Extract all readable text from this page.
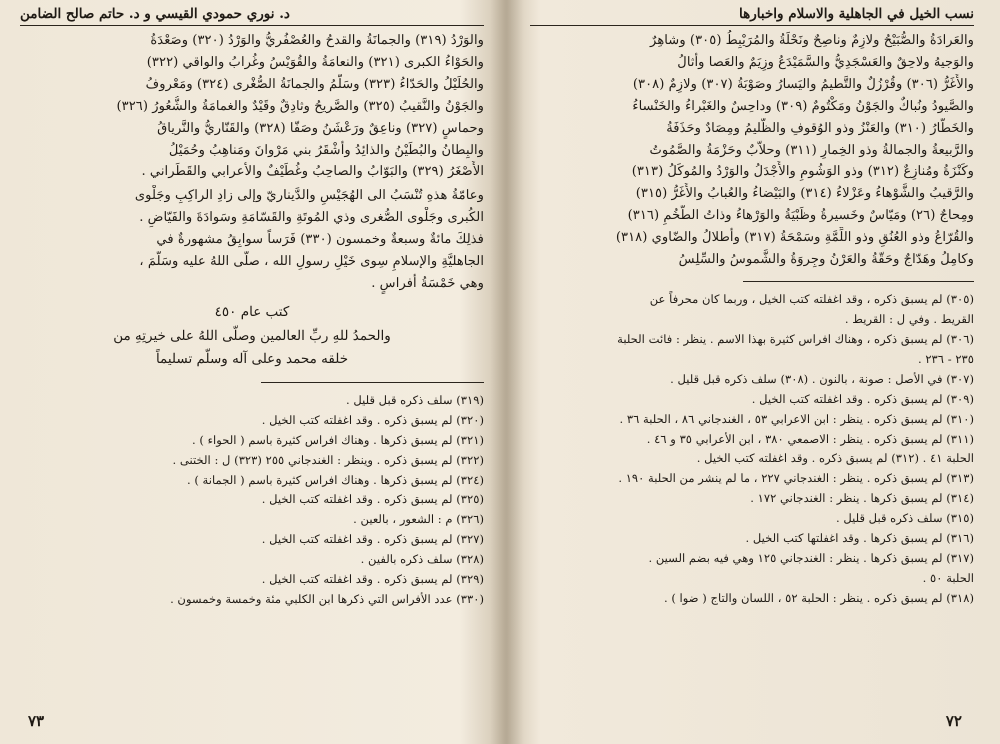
د. نوري حمودي القيسي و د. حاتم صالح الضامن
والوَرْدُ (٣١٩) والجمانَةُ والقدحُ والعُصْفُريُّ والوَرْدُ (٣٢٠) وصَعْدَةُ
والحَوْاءُ الكبرى (٣٢١) والنعامَةُ والقُوَيْسُ وغُرابُ والواقي (٣٢٢)
والحُلَيْلُ والحَدّاءُ (٣٢٣) وسَلّمُ والجمانَةُ الصُّغْرى (٣٢٤) ومَعْروفُ
والجَوْنُ والنَّقيبُ (٣٢٥) والصَّريحُ وثادِقٌ وقَيْدٌ والغمامَةُ والشُّعُورُ (٣٢٦)
وحماسٍ (٣٢٧) وناعِقٌ ورَعْشَنُ وصَفّا (٣٢٨) والقَنّاريُّ والنَّرياقُ
والبِطانُ والبُطَيْنُ والذائِدُ وأشْقَرُ بني مَرْوانَ ومَناهِبُ وحُمَيْلُ
الأَصْغَرُ (٣٢٩) والبَوّابُ والصاحِبُ وغُطَيْفٌ والأعرابي والقَطَراني .
وعامّةُ هذهِ تُنْسَبُ الى الهُجَيْسِ والدَّيناريّ وإلى زادِ الراكِبِ وجَلْوى
الكُبرى وجَلْوى الصُّغرى وذي المُوتَةِ والقَسّامَةِ وسَوادَةَ والفَيّاضِ .
فذلِكَ مائةٌ وسبعةٌ وخمسون (٣٣٠) فَرَساً سوابِقُ مشهورةٌ في
الجاهليَّةِ والإسلامِ سِوى خَيْلِ رسولِ الله ، صلّى اللهُ عليه وسَلَّمَ ،
وهي خَمْسَةُ أفراسٍ .
كتب عام ٤٥٠
والحمدُ للهِ ربِّ العالمين وصلّى اللهُ على خيرتِهِ من
خلقه محمد وعلى آله وسلّم تسليماً
(٣١٩) سلف ذكره قبل قليل .
(٣٢٠) لم يسبق ذكره . وقد اغفلته كتب الخيل .
(٣٢١) لم يسبق ذكرها . وهناك افراس كثيرة باسم ( الحواء ) .
(٣٢٢) لم يسبق ذكره . وينظر : الغندجاني ٢٥٥ (٣٢٣) ل : الختنى .
(٣٢٤) لم يسبق ذكرها . وهناك افراس كثيرة باسم ( الجمانة ) .
(٣٢٥) لم يسبق ذكره . وقد اغفلته كتب الخيل .
(٣٢٦) م : الشعور ، بالعين .
(٣٢٧) لم يسبق ذكره . وقد اغفلته كتب الخيل .
(٣٢٨) سلف ذكره بالفين .
(٣٢٩) لم يسبق ذكره . وقد اغفلته كتب الخيل .
(٣٣٠) عدد الأفراس التي ذكرها ابن الكلبي مئة وخمسة وخمسون .
٧٣
نسب الخيل في الجاهلية والاسلام واخبارها
والعَرادَةُ والصُّبَيْحُ ولازِمٌ وناصِحٌ ونَحْلَةُ والمُرَيْبِطُ (٣٠٥) وشاهِرٌ
والوَجيهُ ولاحِقٌ والعَسْجَدِيُّ والسَّمَيْدَعُ وزِيَمٌ والعَصا وأثالُ
والأَغَرُّ (٣٠٦) وقُرْزُلٌ والتَّطيمُ واليَسارُ وصَوْبَةُ (٣٠٧) ولازِمٌ (٣٠٨)
والصَّيودُ ونُباكٌ والجَوْنُ ومَكْتُومٌ (٣٠٩) وداحِسٌ والغَبْراءُ والخَنْساءُ
والخَطّارُ (٣١٠) والعَنْزُ وذو الوُقوفِ والظَّليمُ ومِصَادٌ وحَذَفَةُ
والرَّبيعةُ والجمالةُ وذو الخِمارِ (٣١١) وحلاّبٌ وحَزْمَةُ والصَّمُوتُ
وكَنْزَةُ ومُنازِعٌ (٣١٢) وذو الوَشُومِ والأَجْدَلُ والوَرْدُ والمُوكَلُ (٣١٣)
والرَّقيبُ والشَّوْهاءُ وعَزْلاءُ (٣١٤) والبَيْضاءُ والعُبابُ والأَغَرُّ (٣١٥)
ومِحاجٌ (٢٦) ومَيّاسٌ وخَسيرةُ وظَبْيَةُ والوَرْهاءُ وذاتُ الطُّخُمِ (٣١٦)
والقُرّاعُ وذو العُنُقِ وذو اللِّمَّةِ وسَمْحَةُ (٣١٧) وأطلالُ والضّاوي (٣١٨)
وكامِلُ وهَدّاجٌ وحَقّةُ والعَرْنُ وجِروَةُ والشَّموسُ والسِّلِسُ
(٣٠٥) لم يسبق ذكره ، وقد اغفلته كتب الخيل ، وربما كان محرفاً عن
القريط . وفي ل : القريط .
(٣٠٦) لم يسبق ذكره ، وهناك افراس كثيرة بهذا الاسم . ينظر : فائت الحلبة
٢٣٥ - ٢٣٦ .
(٣٠٧) في الأصل : صونة ، بالنون . (٣٠٨) سلف ذكره قبل قليل .
(٣٠٩) لم يسبق ذكره . وقد اغفلته كتب الخيل .
(٣١٠) لم يسبق ذكره . ينظر : ابن الاعرابي ٥٣ ، الغندجاني ٨٦ ، الحلبة ٣٦ .
(٣١١) لم يسبق ذكره . ينظر : الاصمعي ٣٨٠ ، ابن الأعرابي ٣٥ و ٤٦ .
الحلبة ٤١ . (٣١٢) لم يسبق ذكره . وقد اغفلته كتب الخيل .
(٣١٣) لم يسبق ذكره . ينظر : الغندجاني ٢٢٧ ، ما لم ينشر من الحلبة ١٩٠ .
(٣١٤) لم يسبق ذكرها . ينظر : الغندجاني ١٧٢ .
(٣١٥) سلف ذكره قبل قليل .
(٣١٦) لم يسبق ذكرها . وقد اغفلتها كتب الخيل .
(٣١٧) لم يسبق ذكرها . ينظر : الغندجاني ١٢٥ وهي فيه بضم السين .
الحلبة ٥٠ .
(٣١٨) لم يسبق ذكره . ينظر : الحلبة ٥٢ ، اللسان والتاج ( ضوا ) .
٧٢
